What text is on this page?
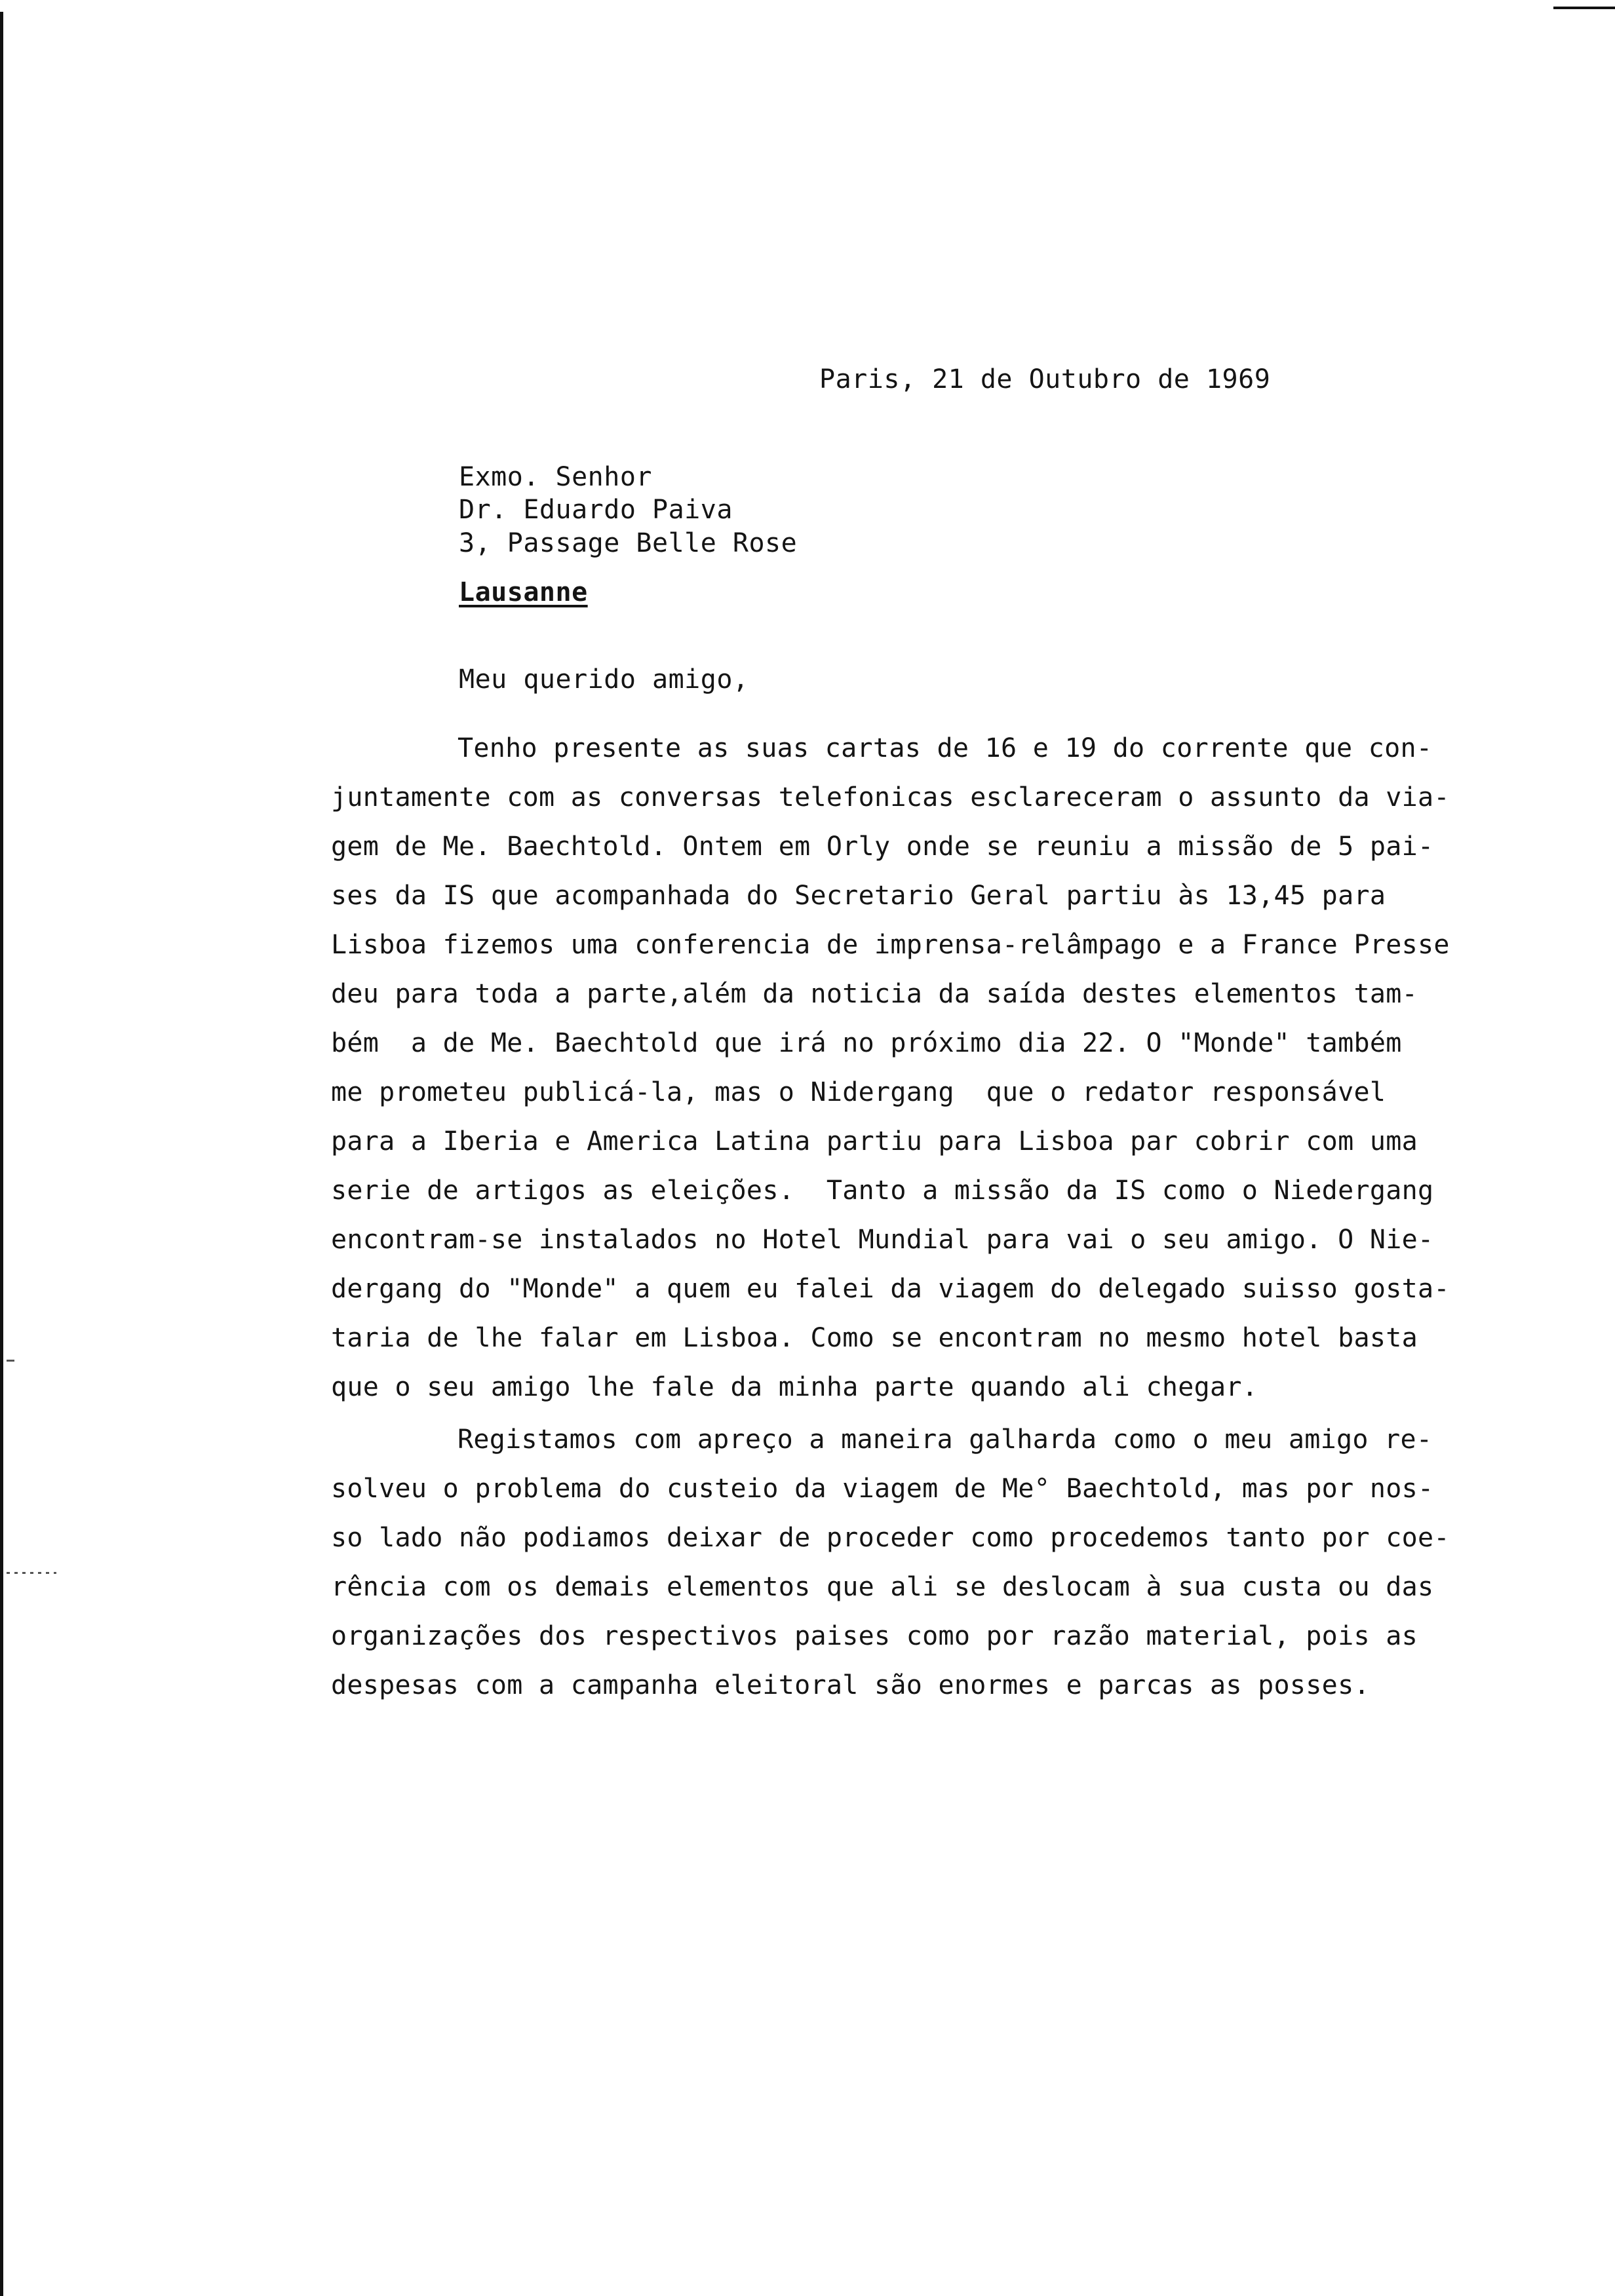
Paris, 21 de Outubro de 1969
Exmo. Senhor
Dr. Eduardo Paiva
3, Passage Belle Rose
Lausanne
Meu querido amigo,
Tenho presente as suas cartas de 16 e 19 do corrente que con-
juntamente com as conversas telefonicas esclareceram o assunto da via-
gem de Me. Baechtold. Ontem em Orly onde se reuniu a missão de 5 pai-
ses da IS que acompanhada do Secretario Geral partiu às 13,45 para
Lisboa fizemos uma conferencia de imprensa-relâmpago e a France Presse
deu para toda a parte,além da noticia da saída destes elementos tam-
bém  a de Me. Baechtold que irá no próximo dia 22. O "Monde" também
me prometeu publicá-la, mas o Nidergang  que o redator responsável
para a Iberia e America Latina partiu para Lisboa par cobrir com uma
serie de artigos as eleições.  Tanto a missão da IS como o Niedergang
encontram-se instalados no Hotel Mundial para vai o seu amigo. O Nie-
dergang do "Monde" a quem eu falei da viagem do delegado suisso gosta-
taria de lhe falar em Lisboa. Como se encontram no mesmo hotel basta
que o seu amigo lhe fale da minha parte quando ali chegar.
Registamos com apreço a maneira galharda como o meu amigo re-
solveu o problema do custeio da viagem de Me° Baechtold, mas por nos-
so lado não podiamos deixar de proceder como procedemos tanto por coe-
rência com os demais elementos que ali se deslocam à sua custa ou das
organizações dos respectivos paises como por razão material, pois as
despesas com a campanha eleitoral são enormes e parcas as posses.
